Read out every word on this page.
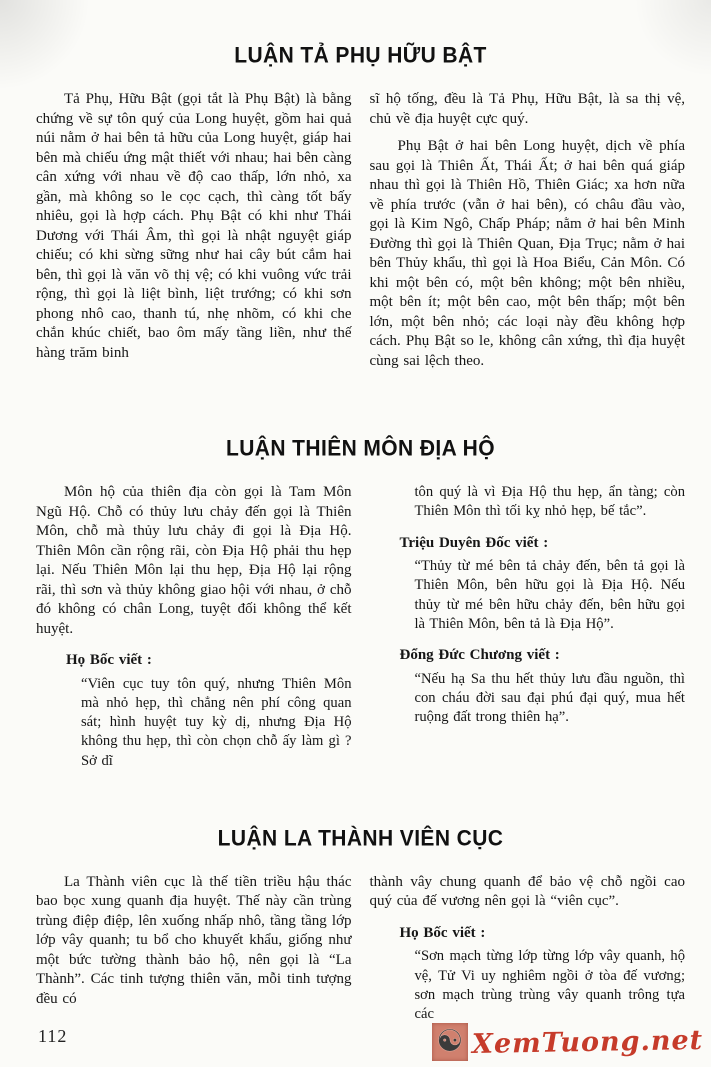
LUẬN TẢ PHỤ HỮU BẬT

Tả Phụ, Hữu Bật (gọi tắt là Phụ Bật) là bằng chứng về sự tôn quý của Long huyệt, gồm hai quả núi nằm ở hai bên tả hữu của Long huyệt, giáp hai bên mà chiếu ứng mật thiết với nhau; hai bên càng cân xứng với nhau về độ cao thấp, lớn nhỏ, xa gần, mà không so le cọc cạch, thì càng tốt bấy nhiêu, gọi là hợp cách. Phụ Bật có khi như Thái Dương với Thái Âm, thì gọi là nhật nguyệt giáp chiếu; có khi sừng sững như hai cây bút cắm hai bên, thì gọi là văn võ thị vệ; có khi vuông vức trải rộng, thì gọi là liệt bình, liệt trướng; có khi sơn phong nhô cao, thanh tú, nhẹ nhõm, có khi che chắn khúc chiết, bao ôm mấy tầng liền, như thế hàng trăm binh

sĩ hộ tống, đều là Tả Phụ, Hữu Bật, là sa thị vệ, chủ về địa huyệt cực quý.

Phụ Bật ở hai bên Long huyệt, dịch về phía sau gọi là Thiên Ất, Thái Ất; ở hai bên quá giáp nhau thì gọi là Thiên Hồ, Thiên Giác; xa hơn nữa về phía trước (vẫn ở hai bên), có châu đầu vào, gọi là Kim Ngô, Chấp Pháp; nằm ở hai bên Minh Đường thì gọi là Thiên Quan, Địa Trục; nằm ở hai bên Thủy khẩu, thì gọi là Hoa Biểu, Cản Môn. Có khi một bên có, một bên không; một bên nhiều, một bên ít; một bên cao, một bên thấp; một bên lớn, một bên nhỏ; các loại này đều không hợp cách. Phụ Bật so le, không cân xứng, thì địa huyệt cùng sai lệch theo.

LUẬN THIÊN MÔN ĐỊA HỘ

Môn hộ của thiên địa còn gọi là Tam Môn Ngũ Hộ. Chỗ có thủy lưu chảy đến gọi là Thiên Môn, chỗ mà thủy lưu chảy đi gọi là Địa Hộ. Thiên Môn cần rộng rãi, còn Địa Hộ phải thu hẹp lại. Nếu Thiên Môn lại thu hẹp, Địa Hộ lại rộng rãi, thì sơn và thủy không giao hội với nhau, ở chỗ đó không có chân Long, tuyệt đối không thể kết huyệt.

Họ Bốc viết :

“Viên cục tuy tôn quý, nhưng Thiên Môn mà nhỏ hẹp, thì chẳng nên phí công quan sát; hình huyệt tuy kỳ dị, nhưng Địa Hộ không thu hẹp, thì còn chọn chỗ ấy làm gì ? Sở dĩ

tôn quý là vì Địa Hộ thu hẹp, ẩn tàng; còn Thiên Môn thì tối kỵ nhỏ hẹp, bế tắc”.

Triệu Duyên Đốc viết :

“Thủy từ mé bên tả chảy đến, bên tả gọi là Thiên Môn, bên hữu gọi là Địa Hộ. Nếu thủy từ mé bên hữu chảy đến, bên hữu gọi là Thiên Môn, bên tả là Địa Hộ”.

Đổng Đức Chương viết :

“Nếu hạ Sa thu hết thủy lưu đầu nguồn, thì con cháu đời sau đại phú đại quý, mua hết ruộng đất trong thiên hạ”.

LUẬN LA THÀNH VIÊN CỤC

La Thành viên cục là thế tiền triều hậu thác bao bọc xung quanh địa huyệt. Thế này cần trùng trùng điệp điệp, lên xuống nhấp nhô, tầng tầng lớp lớp vây quanh; tu bổ cho khuyết khẩu, giống như một bức tường thành bảo hộ, nên gọi là “La Thành”. Các tinh tượng thiên văn, mỗi tinh tượng đều có

thành vây chung quanh để bảo vệ chỗ ngồi cao quý của đế vương nên gọi là “viên cục”.

Họ Bốc viết :

“Sơn mạch từng lớp từng lớp vây quanh, hộ vệ, Tử Vi uy nghiêm ngồi ở tòa đế vương; sơn mạch trùng trùng vây quanh trông tựa các

112	☯ XemTuong.net
